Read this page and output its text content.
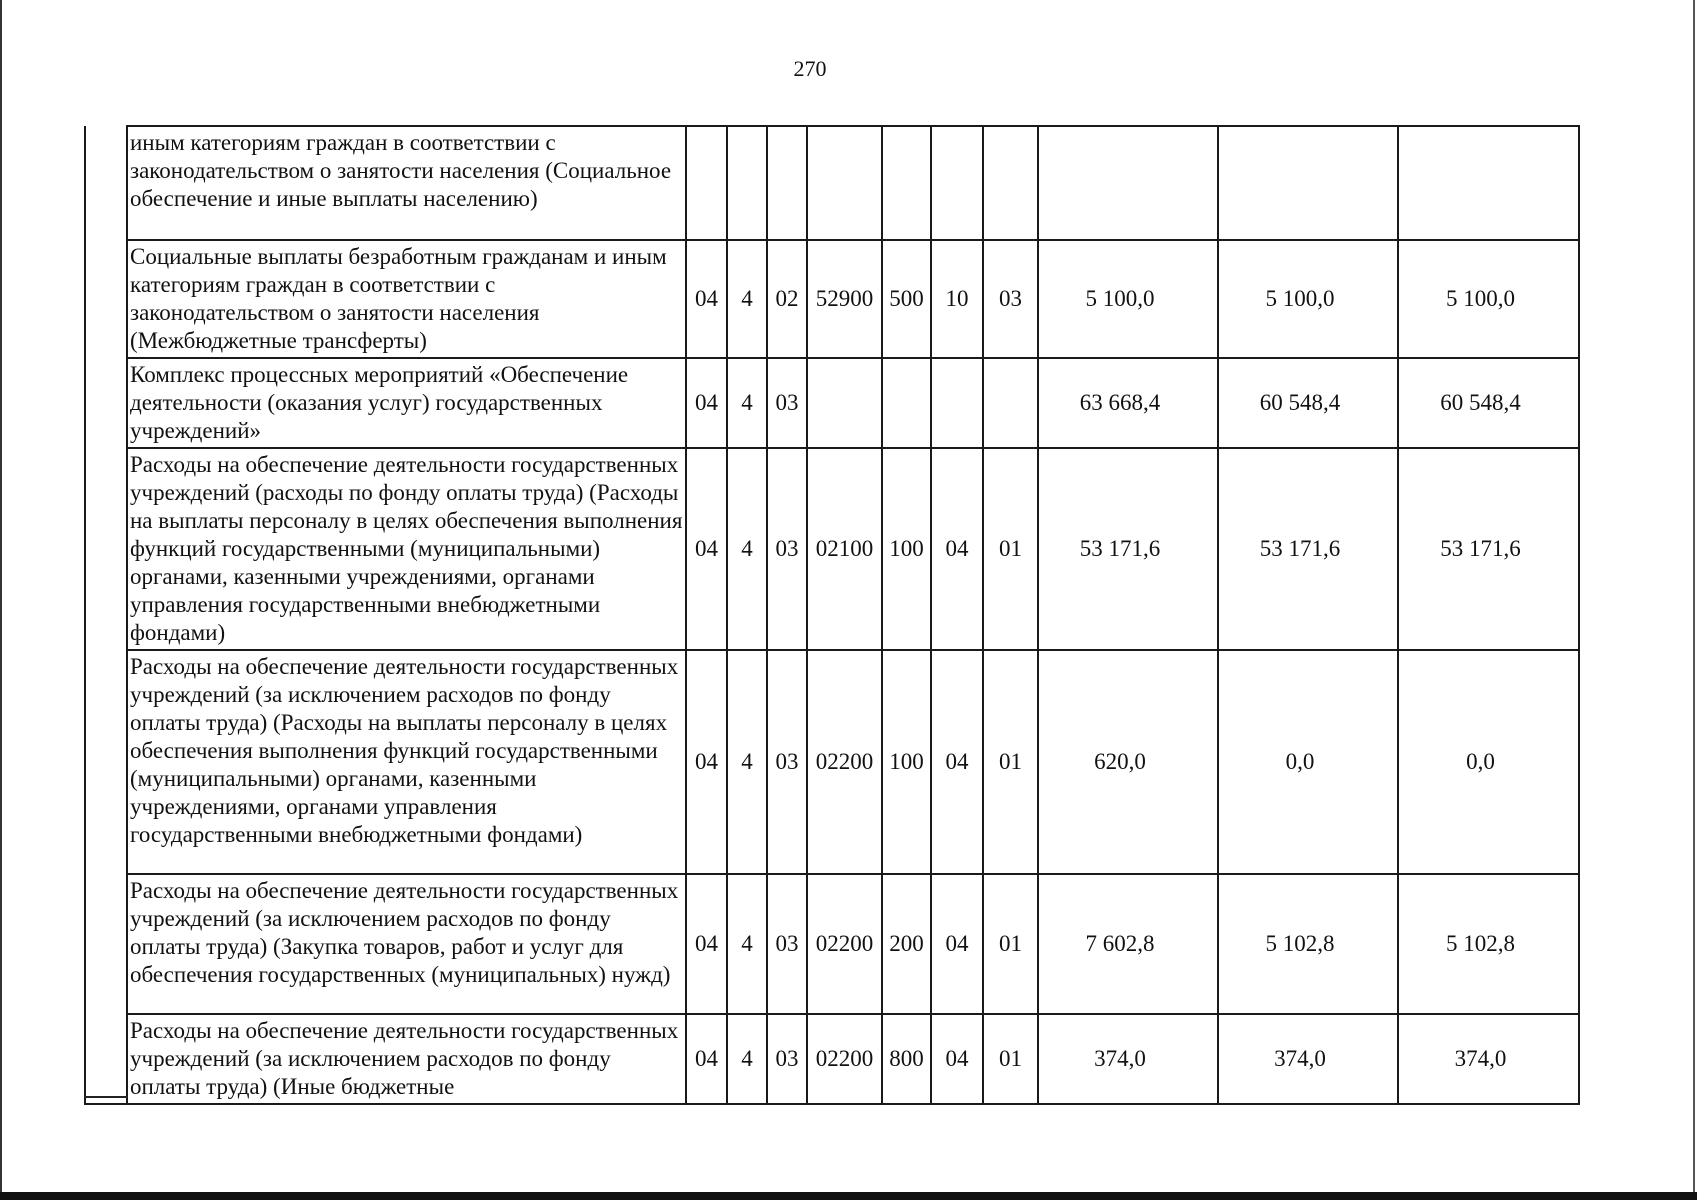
270
	иным категориям граждан в соответствии с законодательством о занятости населения (Социальное обеспечение и иные выплаты населению)										
	Социальные выплаты безработным гражданам и иным категориям граждан в соответствии с законодательством о занятости населения (Межбюджетные трансферты)	04	4	02	52900	500	10	03	5 100,0	5 100,0	5 100,0
	Комплекс процессных мероприятий «Обеспечение деятельности (оказания услуг) государственных учреждений»	04	4	03					63 668,4	60 548,4	60 548,4
	Расходы на обеспечение деятельности государственных учреждений (расходы по фонду оплаты труда) (Расходы на выплаты персоналу в целях обеспечения выполнения функций государственными (муниципальными) органами, казенными учреждениями, органами управления государственными внебюджетными фондами)	04	4	03	02100	100	04	01	53 171,6	53 171,6	53 171,6
	Расходы на обеспечение деятельности государственных учреждений (за исключением расходов по фонду оплаты труда) (Расходы на выплаты персоналу в целях обеспечения выполнения функций государственными (муниципальными) органами, казенными учреждениями, органами управления государственными внебюджетными фондами)	04	4	03	02200	100	04	01	620,0	0,0	0,0
	Расходы на обеспечение деятельности государственных учреждений (за исключением расходов по фонду оплаты труда) (Закупка товаров, работ и услуг для обеспечения государственных (муниципальных) нужд)	04	4	03	02200	200	04	01	7 602,8	5 102,8	5 102,8
	Расходы на обеспечение деятельности государственных учреждений (за исключением расходов по фонду оплаты труда) (Иные бюджетные	04	4	03	02200	800	04	01	374,0	374,0	374,0
